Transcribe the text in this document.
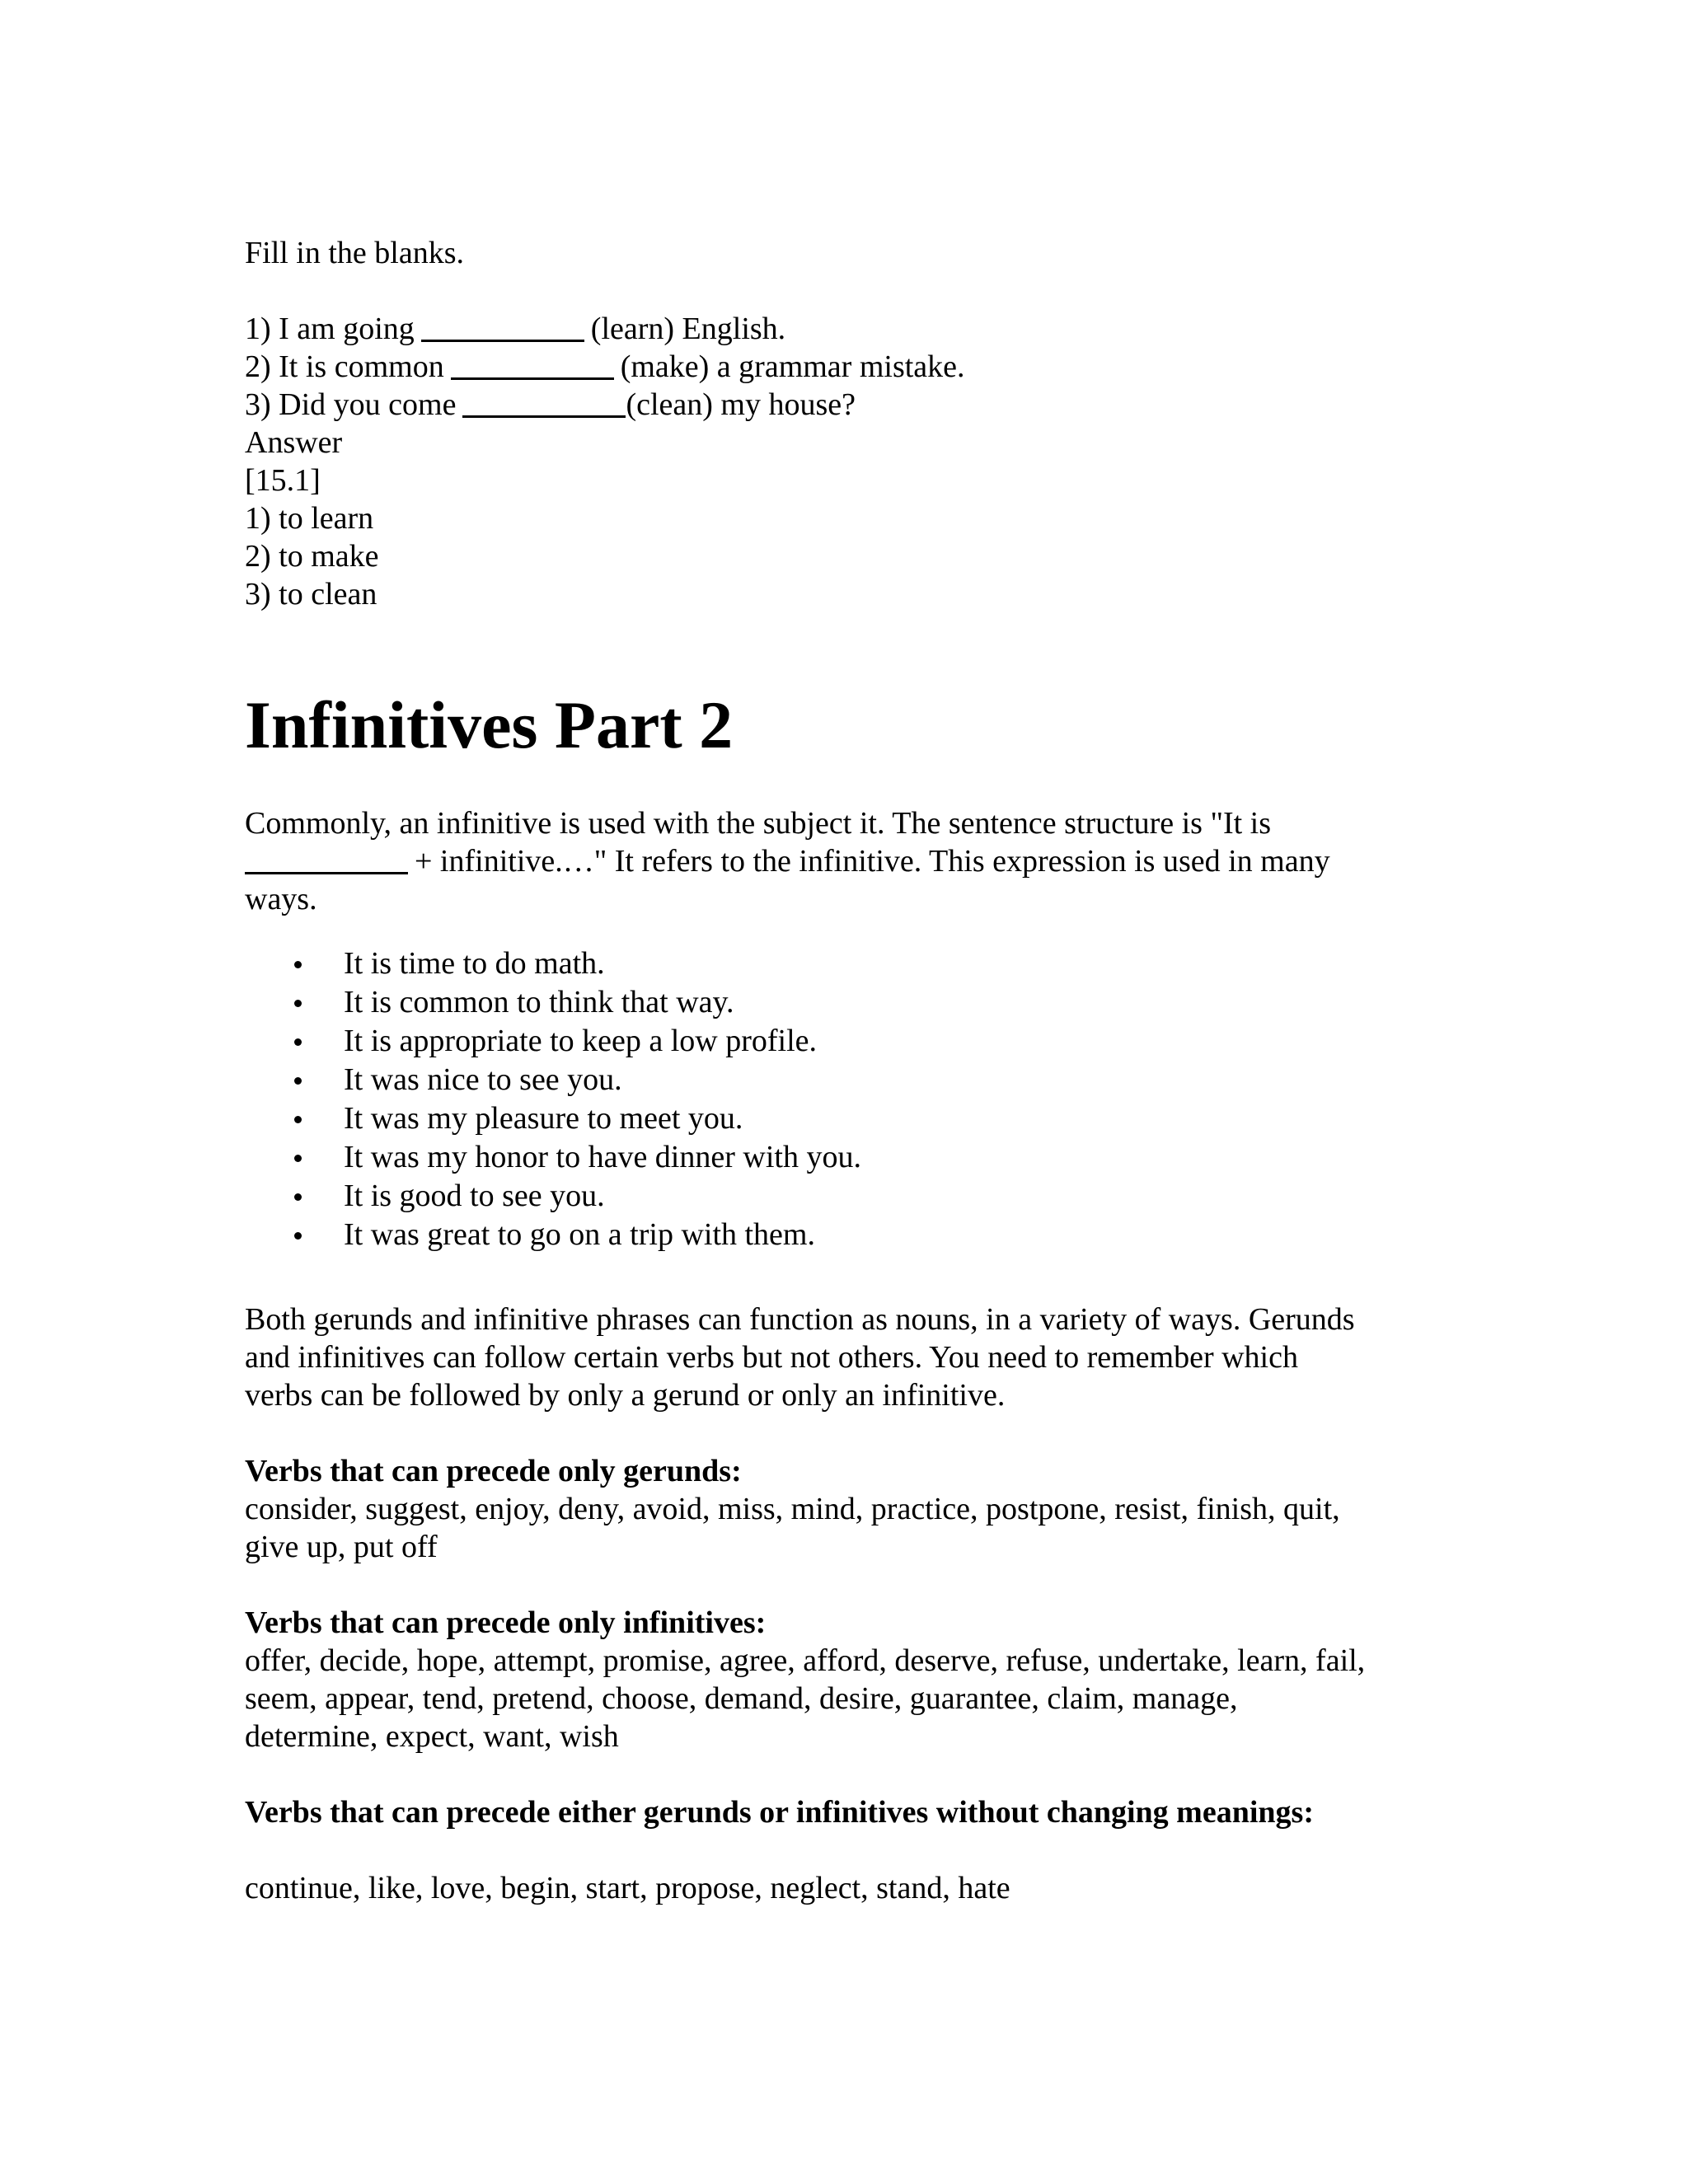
Fill in the blanks.
1) I am going	(learn) English.
2) It is common	(make) a grammar mistake.
3) Did you come	(clean) my house?
Answer
[15.1]
1) to learn
2) to make
3) to clean
Infinitives Part 2
Commonly, an infinitive is used with the subject it. The sentence structure is "It is
+ infinitive.…" It refers to the infinitive. This expression is used in many
ways.
It is time to do math.
It is common to think that way.
It is appropriate to keep a low profile.
It was nice to see you.
It was my pleasure to meet you.
It was my honor to have dinner with you.
It is good to see you.
It was great to go on a trip with them.
Both gerunds and infinitive phrases can function as nouns, in a variety of ways. Gerunds
and infinitives can follow certain verbs but not others. You need to remember which
verbs can be followed by only a gerund or only an infinitive.
Verbs that can precede only gerunds:
consider, suggest, enjoy, deny, avoid, miss, mind, practice, postpone, resist, finish, quit,
give up, put off
Verbs that can precede only infinitives:
offer, decide, hope, attempt, promise, agree, afford, deserve, refuse, undertake, learn, fail,
seem, appear, tend, pretend, choose, demand, desire, guarantee, claim, manage,
determine, expect, want, wish
Verbs that can precede either gerunds or infinitives without changing meanings:
continue, like, love, begin, start, propose, neglect, stand, hate
